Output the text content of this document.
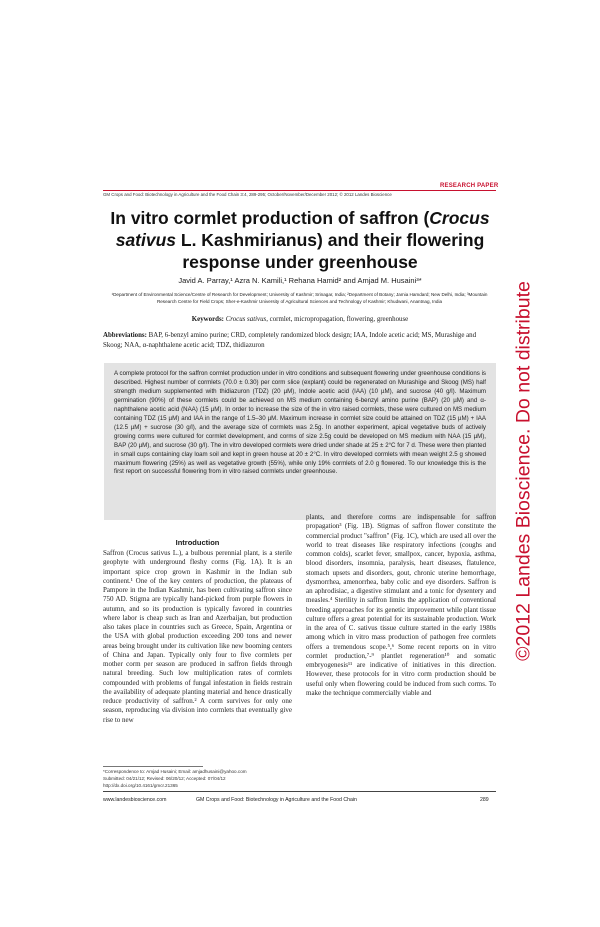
RESEARCH PAPER
GM Crops and Food: Biotechnology in Agriculture and the Food Chain 3:4, 289-295; October/November/December 2012; © 2012 Landes Bioscience
In vitro cormlet production of saffron (Crocus sativus L. Kashmirianus) and their flowering response under greenhouse
Javid A. Parray,¹ Azra N. Kamili,¹ Rehana Hamid² and Amjad M. Husaini³*
¹Department of Environmental Science/Centre of Research for Development; University of Kashmir; Srinagar, India; ²Department of Botany; Jamia Hamdard; New Delhi, India; ³Mountain Research Centre for Field Crops; Sher-e-Kashmir University of Agricultural Sciences and Technology of Kashmir; Khudwani, Anantnag, India
Keywords: Crocus sativus, cormlet, micropropagation, flowering, greenhouse
Abbreviations: BAP, 6-benzyl amino purine; CRD, completely randomized block design; IAA, Indole acetic acid; MS, Murashige and Skoog; NAA, α-naphthalene acetic acid; TDZ, thidiazuron
A complete protocol for the saffron cormlet production under in vitro conditions and subsequent flowering under greenhouse conditions is described. Highest number of cormlets (70.0 ± 0.30) per corm slice (explant) could be regenerated on Murashige and Skoog (MS) half strength medium supplemented with thidiazuron (TDZ) (20 µM), Indole acetic acid (IAA) (10 µM), and sucrose (40 g/l). Maximum germination (90%) of these cormlets could be achieved on MS medium containing 6-benzyl amino purine (BAP) (20 µM) and α-naphthalene acetic acid (NAA) (15 µM). In order to increase the size of the in vitro raised cormlets, these were cultured on MS medium containing TDZ (15 µM) and IAA in the range of 1.5–30 µM. Maximum increase in cormlet size could be attained on TDZ (15 µM) + IAA (12.5 µM) + sucrose (30 g/l), and the average size of cormlets was 2.5g. In another experiment, apical vegetative buds of actively growing corms were cultured for cormlet development, and corms of size 2.5g could be developed on MS medium with NAA (15 µM), BAP (20 µM), and sucrose (30 g/l). The in vitro developed cormlets were dried under shade at 25 ± 2°C for 7 d. These were then planted in small cups containing clay loam soil and kept in green house at 20 ± 2°C. In vitro developed cormlets with mean weight 2.5 g showed maximum flowering (25%) as well as vegetative growth (55%), while only 19% cormlets of 2.0 g flowered. To our knowledge this is the first report on successful flowering from in vitro raised cormlets under greenhouse.
Introduction
Saffron (Crocus sativus L.), a bulbous perennial plant, is a sterile geophyte with underground fleshy corms (Fig. 1A). It is an important spice crop grown in Kashmir in the Indian sub continent.¹ One of the key centers of production, the plateaus of Pampore in the Indian Kashmir, has been cultivating saffron since 750 AD. Stigma are typically hand-picked from purple flowers in autumn, and so its production is typically favored in countries where labor is cheap such as Iran and Azerbaijan, but production also takes place in countries such as Greece, Spain, Argentina or the USA with global production exceeding 200 tons and newer areas being brought under its cultivation like new booming centers of China and Japan. Typically only four to five cormlets per mother corm per season are produced in saffron fields through natural breeding. Such low multiplication rates of cormlets compounded with problems of fungal infestation in fields restrain the availability of adequate planting material and hence drastically reduce productivity of saffron.² A corm survives for only one season, reproducing via division into cormlets that eventually give rise to new
plants, and therefore corms are indispensable for saffron propagation³ (Fig. 1B). Stigmas of saffron flower constitute the commercial product "saffron" (Fig. 1C), which are used all over the world to treat diseases like respiratory infections (coughs and common colds), scarlet fever, smallpox, cancer, hypoxia, asthma, blood disorders, insomnia, paralysis, heart diseases, flatulence, stomach upsets and disorders, gout, chronic uterine hemorrhage, dysmorrhea, amenorrhea, baby colic and eye disorders. Saffron is an aphrodisiac, a digestive stimulant and a tonic for dysentery and measles.⁴ Sterility in saffron limits the application of conventional breeding approaches for its genetic improvement while plant tissue culture offers a great potential for its sustainable production. Work in the area of C. sativus tissue culture started in the early 1980s among which in vitro mass production of pathogen free cormlets offers a tremendous scope.⁵,⁶ Some recent reports on in vitro cormlet production,⁷-⁹ plantlet regeneration¹⁰ and somatic embryogenesis¹¹ are indicative of initiatives in this direction. However, these protocols for in vitro corm production should be useful only when flowering could be induced from such corms. To make the technique commercially viable and
*Correspondence to: Amjad Husaini; Email: amjadhusaini@yahoo.com
Submitted: 04/21/12; Revised: 06/20/12; Accepted: 07/04/12
http://dx.doi.org/10.4161/gmcr.21365
www.landesbioscience.com	GM Crops and Food: Biotechnology in Agriculture and the Food Chain	289
©2012 Landes Bioscience. Do not distribute
